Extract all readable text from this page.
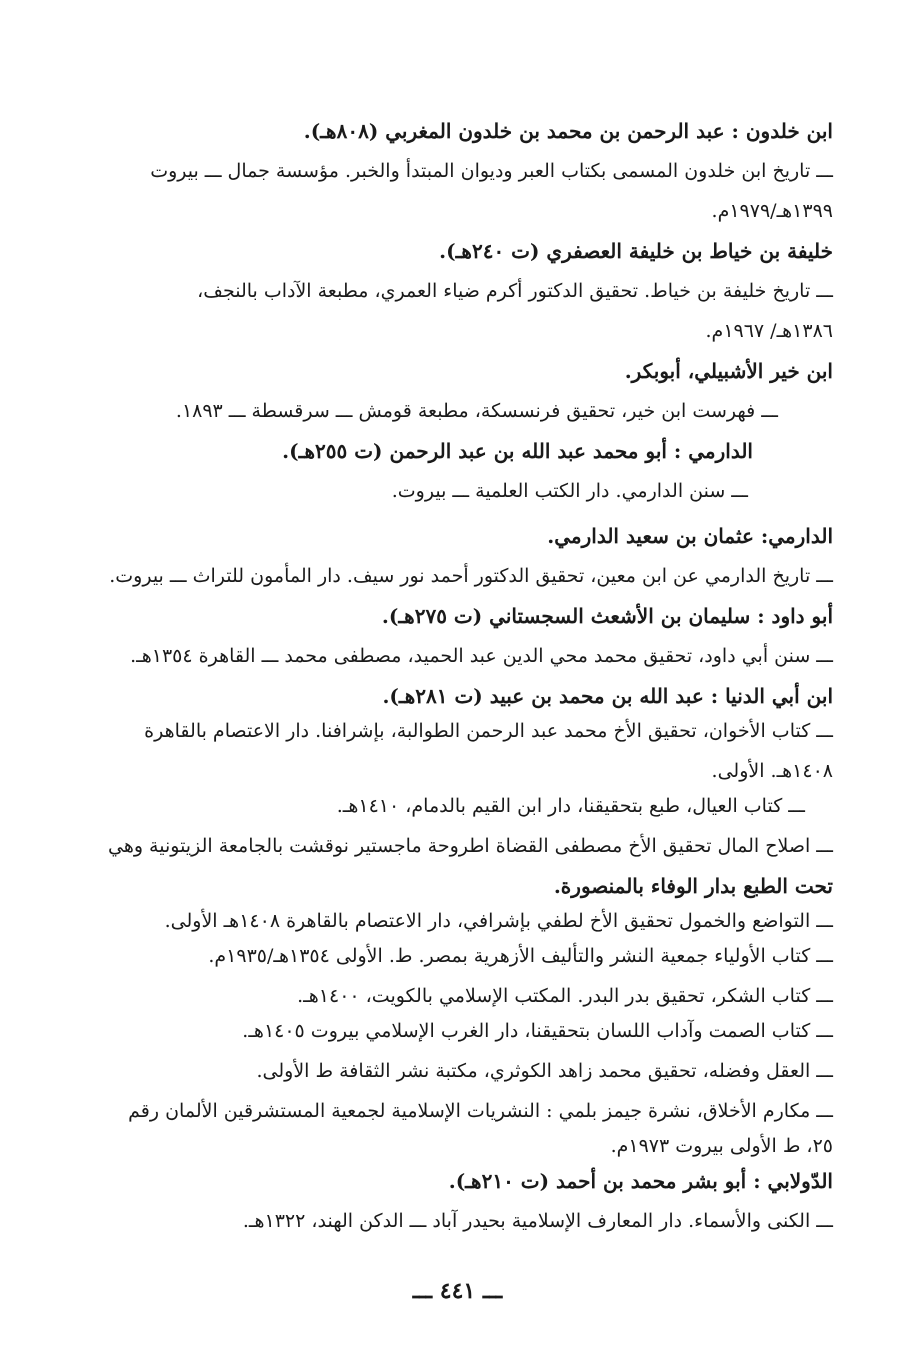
ابن خلدون : عبد الرحمن بن محمد بن خلدون المغربي (٨٠٨هـ).
ـــ تاريخ ابن خلدون المسمى بكتاب العبر وديوان المبتدأ والخبر. مؤسسة جمال ـــ بيروت
١٣٩٩هـ/١٩٧٩م.
خليفة بن خياط بن خليفة العصفري (ت ٢٤٠هـ).
ـــ تاريخ خليفة بن خياط. تحقيق الدكتور أكرم ضياء العمري، مطبعة الآداب بالنجف،
١٣٨٦هـ/ ١٩٦٧م.
ابن خير الأشبيلي، أبوبكر.
ـــ فهرست ابن خير، تحقيق فرنسسكة، مطبعة قومش ـــ سرقسطة ـــ ١٨٩٣.
الدارمي : أبو محمد عبد الله بن عبد الرحمن (ت ٢٥٥هـ).
ـــ سنن الدارمي. دار الكتب العلمية ـــ بيروت.
الدارمي: عثمان بن سعيد الدارمي.
ـــ تاريخ الدارمي عن ابن معين، تحقيق الدكتور أحمد نور سيف. دار المأمون للتراث ـــ بيروت.
أبو داود : سليمان بن الأشعث السجستاني (ت ٢٧٥هـ).
ـــ سنن أبي داود، تحقيق محمد محي الدين عبد الحميد، مصطفى محمد ـــ القاهرة ١٣٥٤هـ.
ابن أبي الدنيا : عبد الله بن محمد بن عبيد (ت ٢٨١هـ).
ـــ كتاب الأخوان، تحقيق الأخ محمد عبد الرحمن الطوالبة، بإشرافنا. دار الاعتصام بالقاهرة
١٤٠٨هـ. الأولى.
ـــ كتاب العيال، طبع بتحقيقنا، دار ابن القيم بالدمام، ١٤١٠هـ.
ـــ اصلاح المال تحقيق الأخ مصطفى القضاة اطروحة ماجستير نوقشت بالجامعة الزيتونية وهي
تحت الطبع بدار الوفاء بالمنصورة.
ـــ التواضع والخمول تحقيق الأخ لطفي بإشرافي، دار الاعتصام بالقاهرة ١٤٠٨هـ الأولى.
ـــ كتاب الأولياء جمعية النشر والتأليف الأزهرية بمصر. ط. الأولى ١٣٥٤هـ/١٩٣٥م.
ـــ كتاب الشكر، تحقيق بدر البدر. المكتب الإسلامي بالكويت، ١٤٠٠هـ.
ـــ كتاب الصمت وآداب اللسان بتحقيقنا، دار الغرب الإسلامي بيروت ١٤٠٥هـ.
ـــ العقل وفضله، تحقيق محمد زاهد الكوثري، مكتبة نشر الثقافة ط الأولى.
ـــ مكارم الأخلاق، نشرة جيمز بلمي : النشريات الإسلامية لجمعية المستشرقين الألمان رقم
٢٥، ط الأولى بيروت ١٩٧٣م.
الدّولابي : أبو بشر محمد بن أحمد (ت ٢١٠هـ).
ـــ الكنى والأسماء. دار المعارف الإسلامية بحيدر آباد ـــ الدكن الهند، ١٣٢٢هـ.
ـــ ٤٤١ ـــ
